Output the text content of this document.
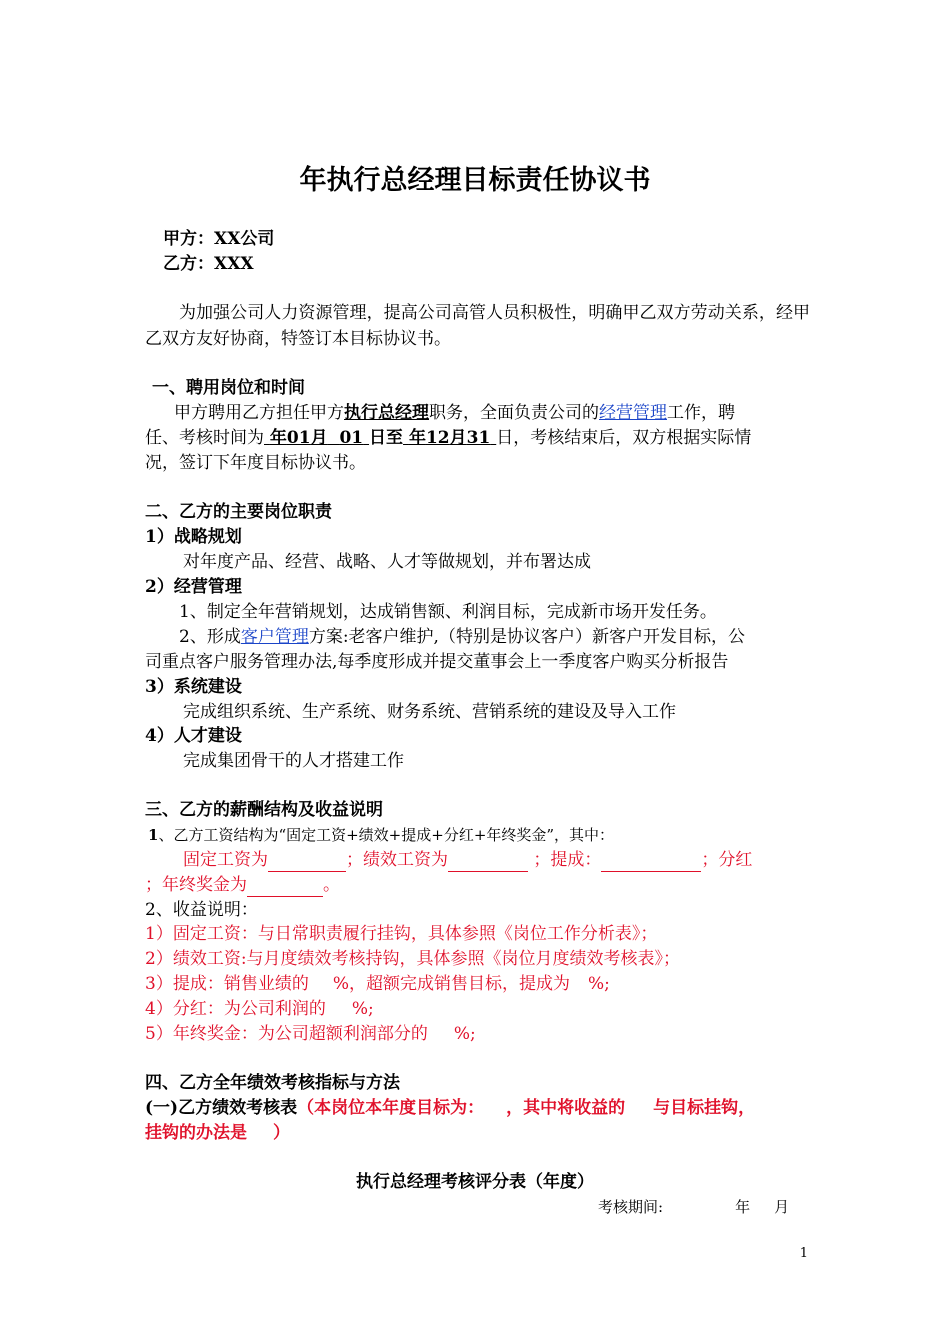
年执行总经理目标责任协议书
甲方：XX公司
乙方：XXX
为加强公司人力资源管理，提高公司高管人员积极性，明确甲乙双方劳动关系，经甲乙双方友好协商，特签订本目标协议书。
一、聘用岗位和时间
甲方聘用乙方担任甲方执行总经理职务，全面负责公司的经营管理工作，聘
任、考核时间为 年01月 01 日至 年12月31 日，考核结束后，双方根据实际情
况，签订下年度目标协议书。
二、乙方的主要岗位职责
1）战略规划
对年度产品、经营、战略、人才等做规划，并布署达成
2）经营管理
1、制定全年营销规划，达成销售额、利润目标，完成新市场开发任务。
2、形成客户管理方案:老客户维护,（特别是协议客户）新客户开发目标，公
司重点客户服务管理办法,每季度形成并提交董事会上一季度客户购买分析报告
3）系统建设
完成组织系统、生产系统、财务系统、营销系统的建设及导入工作
4）人才建设
完成集团骨干的人才搭建工作
三、乙方的薪酬结构及收益说明
1、乙方工资结构为“固定工资+绩效+提成+分红+年终奖金”，其中：
固定工资为	；绩效工资为	；提成：	；分红
；年终奖金为	。
2、收益说明：
1）固定工资：与日常职责履行挂钩，具体参照《岗位工作分析表》；
2）绩效工资:与月度绩效考核持钩，具体参照《岗位月度绩效考核表》；
3）提成：销售业绩的 %，超额完成销售目标，提成为 %;
4）分红：为公司利润的 %;
5）年终奖金：为公司超额利润部分的 %;
四、乙方全年绩效考核指标与方法
(一)乙方绩效考核表（本岗位本年度目标为： ，其中将收益的 与目标挂钩，
挂钩的办法是 ）
执行总经理考核评分表（年度）
考核期间:	年 月
1
